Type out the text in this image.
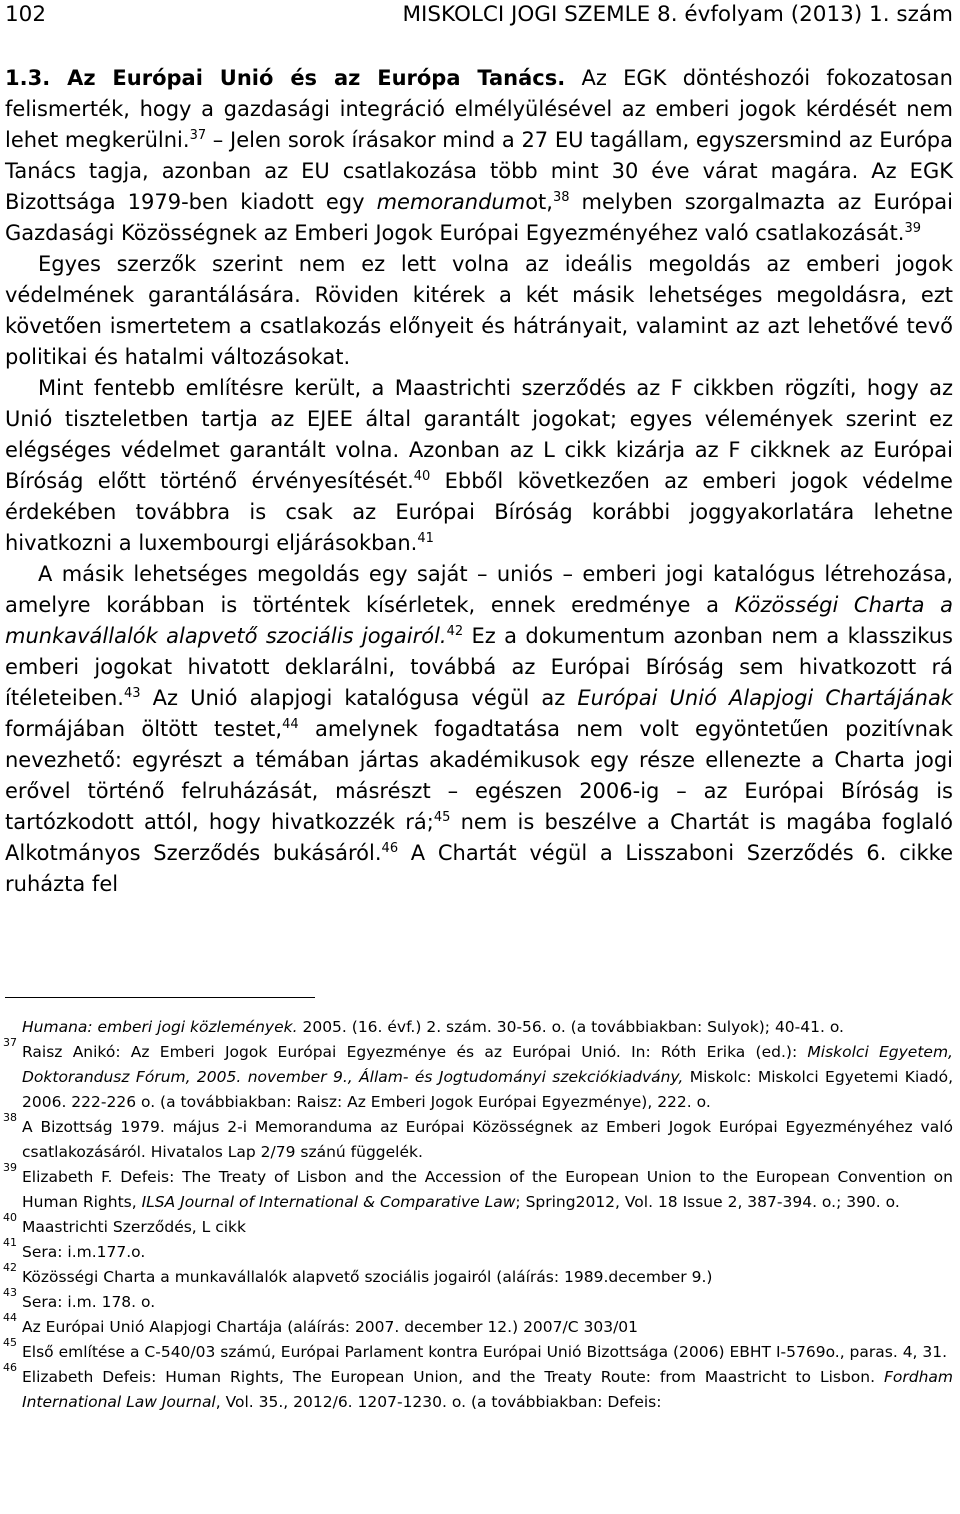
102	MISKOLCI JOGI SZEMLE 8. évfolyam (2013) 1. szám

1.3. Az Európai Unió és az Európa Tanács. Az EGK döntéshozói fokozatosan felismerték, hogy a gazdasági integráció elmélyülésével az emberi jogok kérdését nem lehet megkerülni.$^{37}$ – Jelen sorok írásakor mind a 27 EU tagállam, egyszersmind az Európa Tanács tagja, azonban az EU csatlakozása több mint 30 éve várat magára. Az EGK Bizottsága 1979-ben kiadott egy memorandumot,$^{38}$ melyben szorgalmazta az Európai Gazdasági Közösségnek az Emberi Jogok Európai Egyezményéhez való csatlakozását.$^{39}$

Egyes szerzők szerint nem ez lett volna az ideális megoldás az emberi jogok védelmének garantálására. Röviden kitérek a két másik lehetséges megoldásra, ezt követően ismertetem a csatlakozás előnyeit és hátrányait, valamint az azt lehetővé tevő politikai és hatalmi változásokat.

Mint fentebb említésre került, a Maastrichti szerződés az F cikkben rögzíti, hogy az Unió tiszteletben tartja az EJEE által garantált jogokat; egyes vélemények szerint ez elégséges védelmet garantált volna. Azonban az L cikk kizárja az F cikknek az Európai Bíróság előtt történő érvényesítését.$^{40}$ Ebből következően az emberi jogok védelme érdekében továbbra is csak az Európai Bíróság korábbi joggyakorlatára lehetne hivatkozni a luxembourgi eljárásokban.$^{41}$

A másik lehetséges megoldás egy saját – uniós – emberi jogi katalógus létrehozása, amelyre korábban is történtek kísérletek, ennek eredménye a Közösségi Charta a munkavállalók alapvető szociális jogairól.$^{42}$ Ez a dokumentum azonban nem a klasszikus emberi jogokat hivatott deklarálni, továbbá az Európai Bíróság sem hivatkozott rá ítéleteiben.$^{43}$ Az Unió alapjogi katalógusa végül az Európai Unió Alapjogi Chartájának formájában öltött testet,$^{44}$ amelynek fogadtatása nem volt egyöntetűen pozitívnak nevezhető: egyrészt a témában jártas akadémikusok egy része ellenezte a Charta jogi erővel történő felruházását, másrészt – egészen 2006-ig – az Európai Bíróság is tartózkodott attól, hogy hivatkozzék rá;$^{45}$ nem is beszélve a Chartát is magába foglaló Alkotmányos Szerződés bukásáról.$^{46}$ A Chartát végül a Lisszaboni Szerződés 6. cikke ruházta fel

Humana: emberi jogi közlemények. 2005. (16. évf.) 2. szám. 30-56. o. (a továbbiakban: Sulyok); 40-41. o.

37
Raisz Anikó: Az Emberi Jogok Európai Egyezménye és az Európai Unió. In: Róth Erika (ed.): Miskolci Egyetem, Doktorandusz Fórum, 2005. november 9., Állam- és Jogtudományi szekciókiadvány, Miskolc: Miskolci Egyetemi Kiadó, 2006. 222-226 o. (a továbbiakban: Raisz: Az Emberi Jogok Európai Egyezménye), 222. o.

38
A Bizottság 1979. május 2-i Memoranduma az Európai Közösségnek az Emberi Jogok Európai Egyezményéhez való csatlakozásáról. Hivatalos Lap 2/79 szánú függelék.

39
Elizabeth F. Defeis: The Treaty of Lisbon and the Accession of the European Union to the European Convention on Human Rights, ILSA Journal of International & Comparative Law; Spring2012, Vol. 18 Issue 2, 387-394. o.; 390. o.

40
Maastrichti Szerződés, L cikk

41
Sera: i.m.177.o.

42
Közösségi Charta a munkavállalók alapvető szociális jogairól (aláírás: 1989.december 9.)

43
Sera: i.m. 178. o.

44
Az Európai Unió Alapjogi Chartája (aláírás: 2007. december 12.) 2007/C 303/01

45
Első említése a C-540/03 számú, Európai Parlament kontra Európai Unió Bizottsága (2006) EBHT I-5769o., paras. 4, 31.

46
Elizabeth Defeis: Human Rights, The European Union, and the Treaty Route: from Maastricht to Lisbon. Fordham International Law Journal, Vol. 35., 2012/6. 1207-1230. o. (a továbbiakban: Defeis:
